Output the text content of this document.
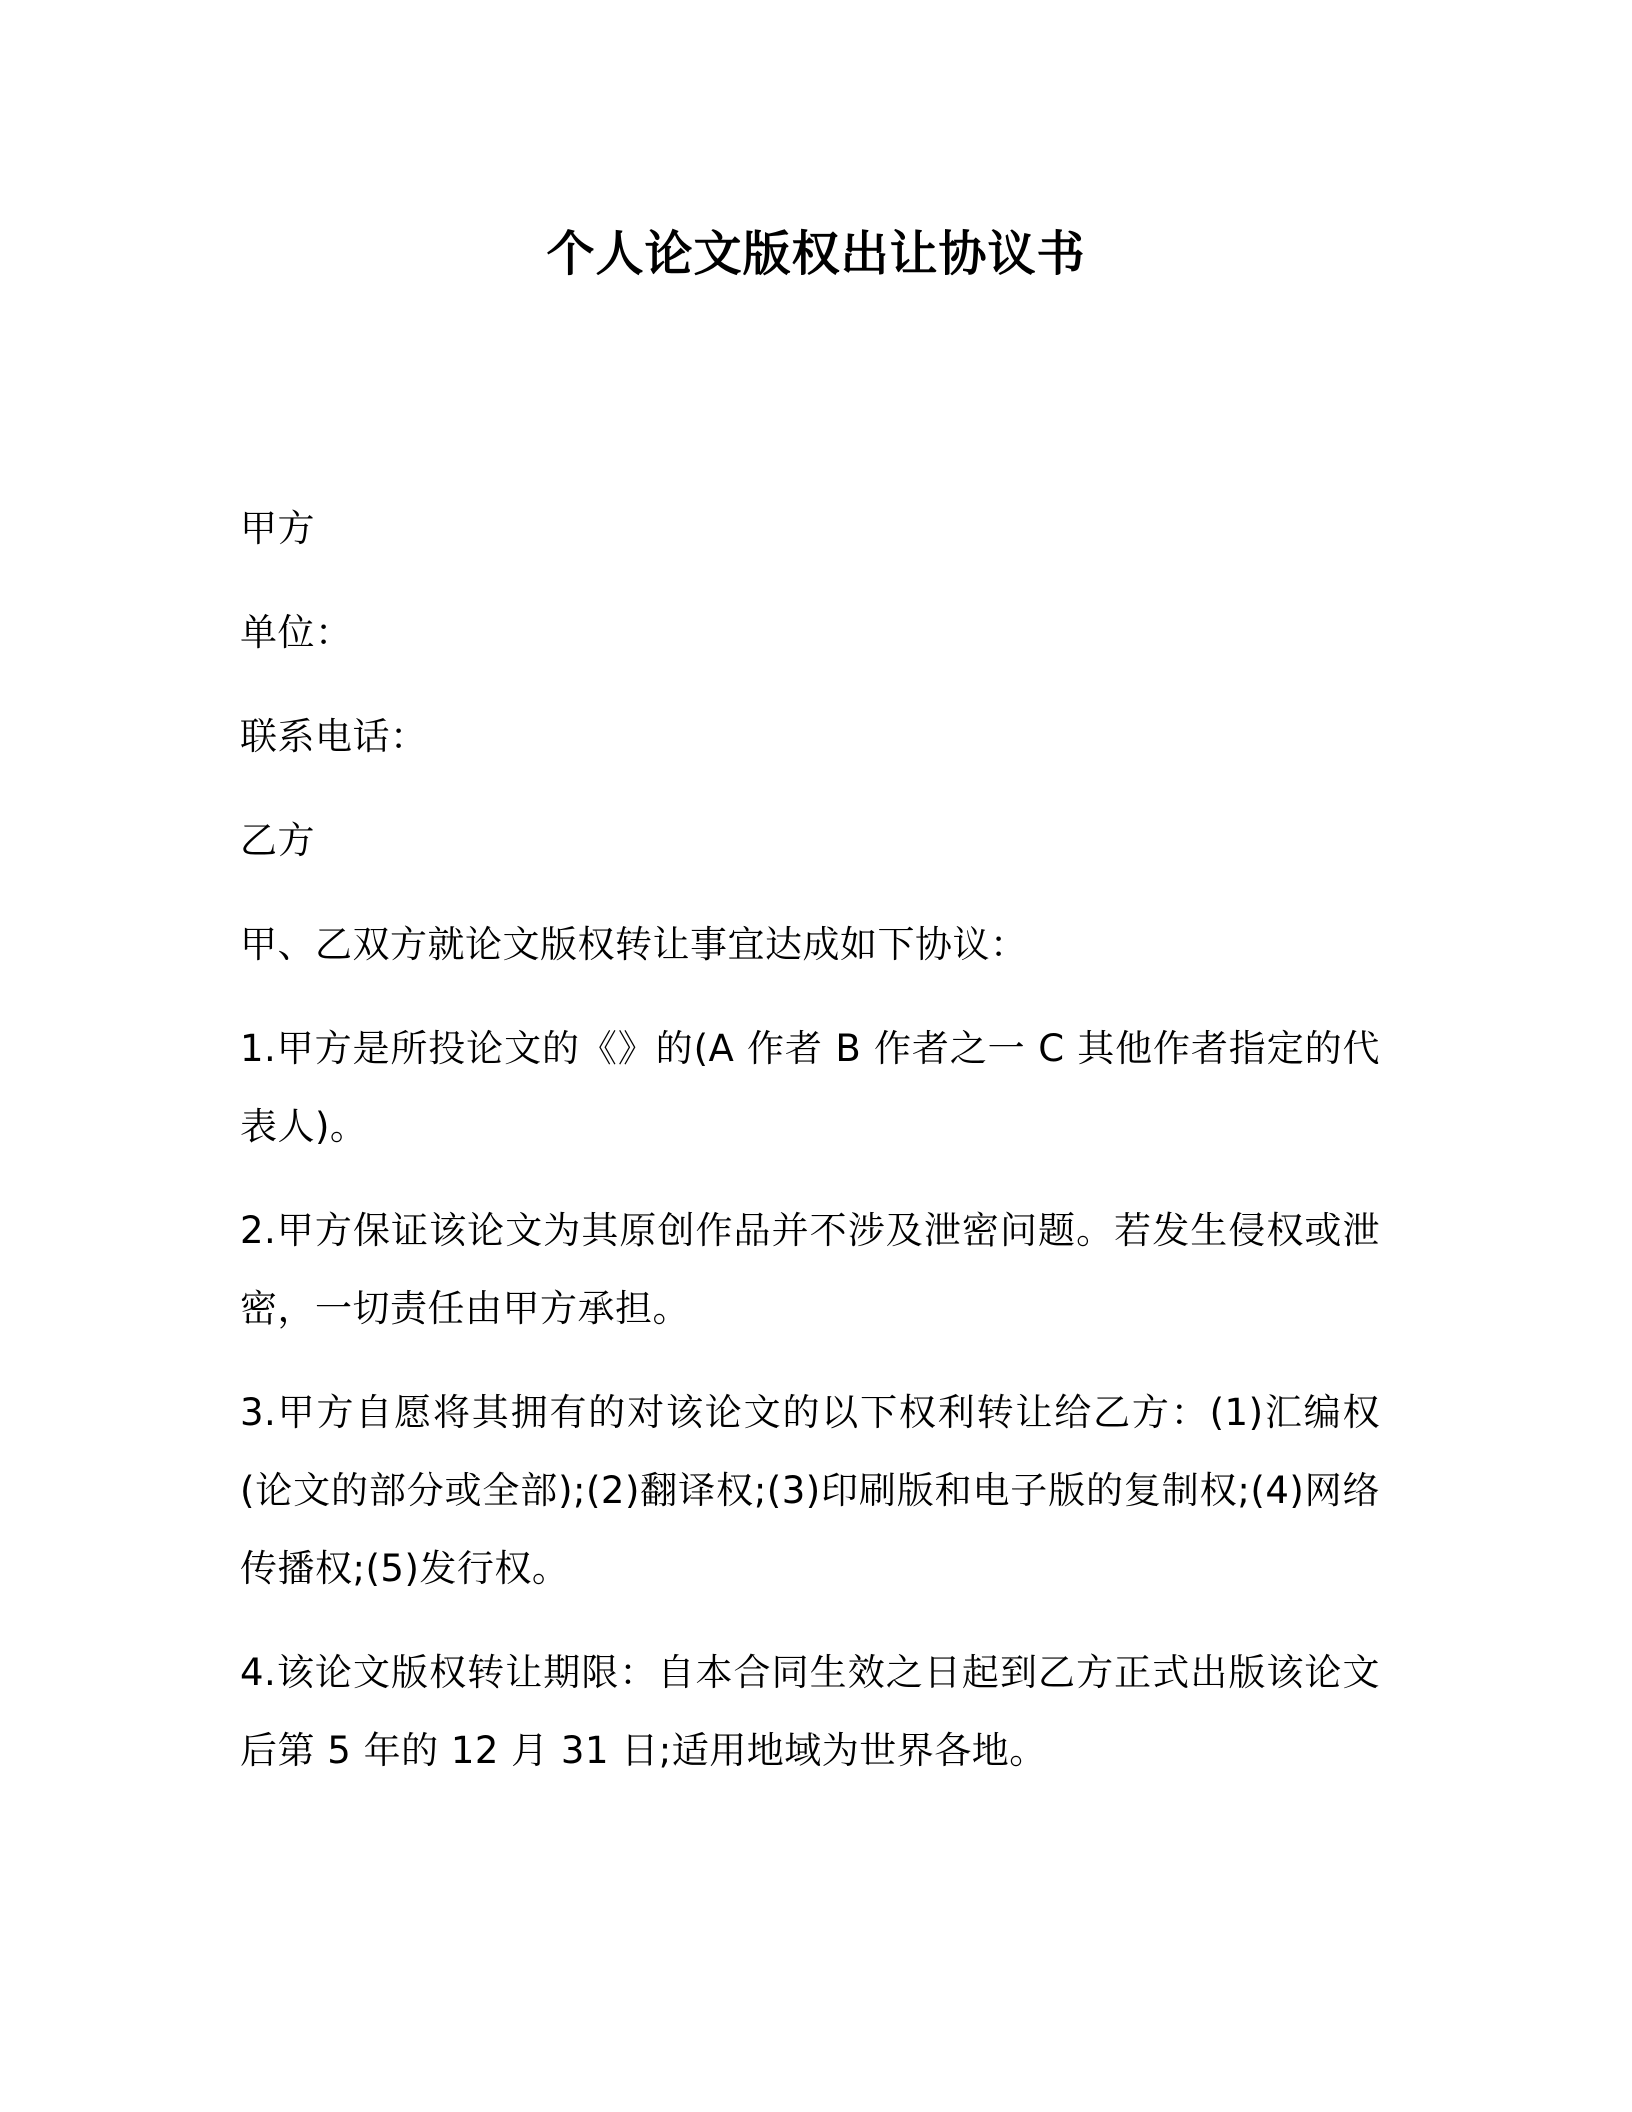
个人论文版权出让协议书

甲方

单位：

联系电话：

乙方

甲、乙双方就论文版权转让事宜达成如下协议：

1.甲方是所投论文的《》的(A 作者 B 作者之一 C 其他作者指定的代表人)。

2.甲方保证该论文为其原创作品并不涉及泄密问题。若发生侵权或泄密，一切责任由甲方承担。

3.甲方自愿将其拥有的对该论文的以下权利转让给乙方：(1)汇编权(论文的部分或全部);(2)翻译权;(3)印刷版和电子版的复制权;(4)网络传播权;(5)发行权。

4.该论文版权转让期限：自本合同生效之日起到乙方正式出版该论文后第 5 年的 12 月 31 日;适用地域为世界各地。
